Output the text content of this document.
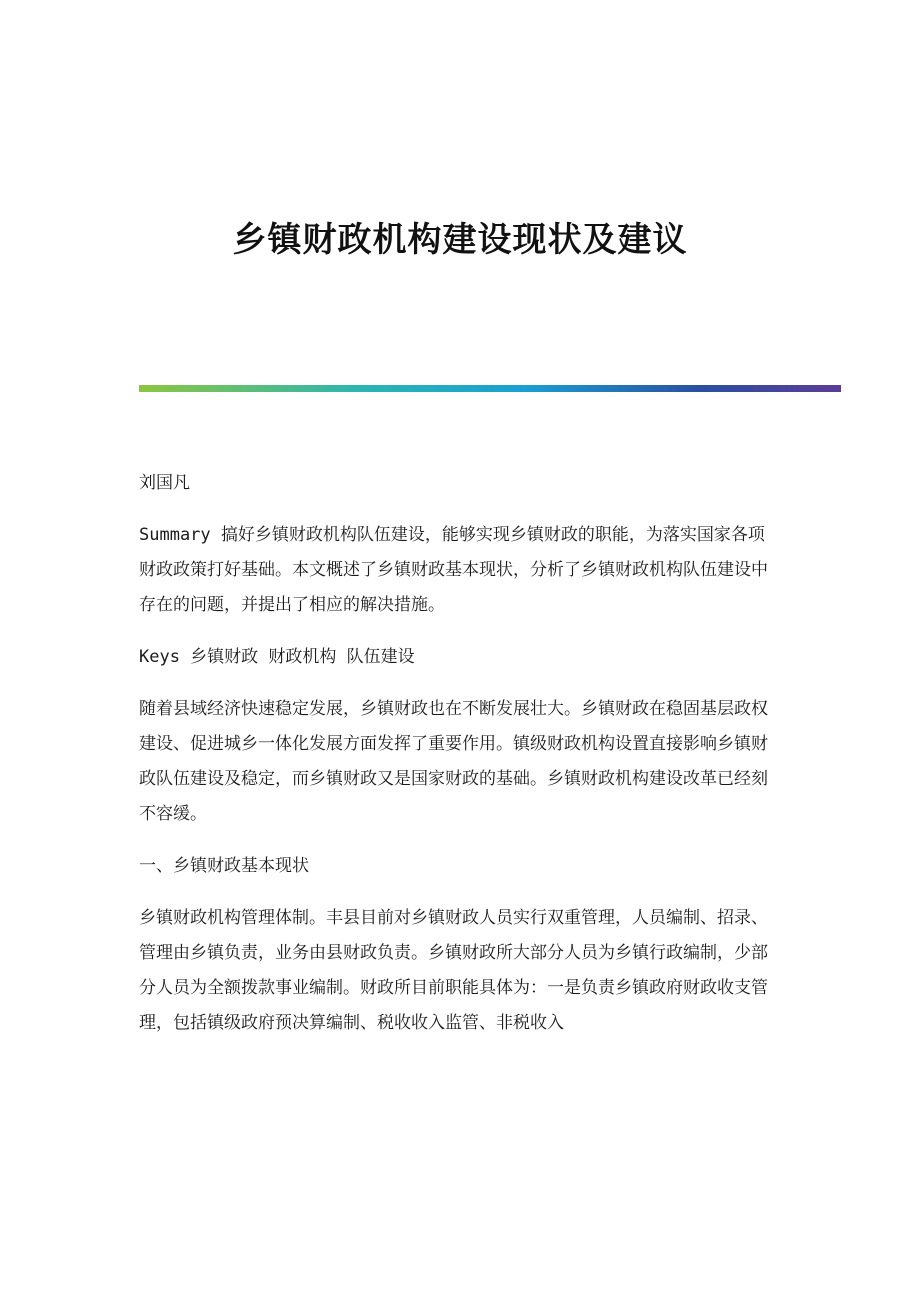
乡镇财政机构建设现状及建议

刘国凡

Summary 搞好乡镇财政机构队伍建设，能够实现乡镇财政的职能，为落实国家各项财政政策打好基础。本文概述了乡镇财政基本现状，分析了乡镇财政机构队伍建设中存在的问题，并提出了相应的解决措施。

Keys 乡镇财政 财政机构 队伍建设

随着县域经济快速稳定发展，乡镇财政也在不断发展壮大。乡镇财政在稳固基层政权建设、促进城乡一体化发展方面发挥了重要作用。镇级财政机构设置直接影响乡镇财政队伍建设及稳定，而乡镇财政又是国家财政的基础。乡镇财政机构建设改革已经刻不容缓。

一、乡镇财政基本现状

乡镇财政机构管理体制。丰县目前对乡镇财政人员实行双重管理，人员编制、招录、管理由乡镇负责，业务由县财政负责。乡镇财政所大部分人员为乡镇行政编制，少部分人员为全额拨款事业编制。财政所目前职能具体为：一是负责乡镇政府财政收支管理，包括镇级政府预决算编制、税收收入监管、非税收入
